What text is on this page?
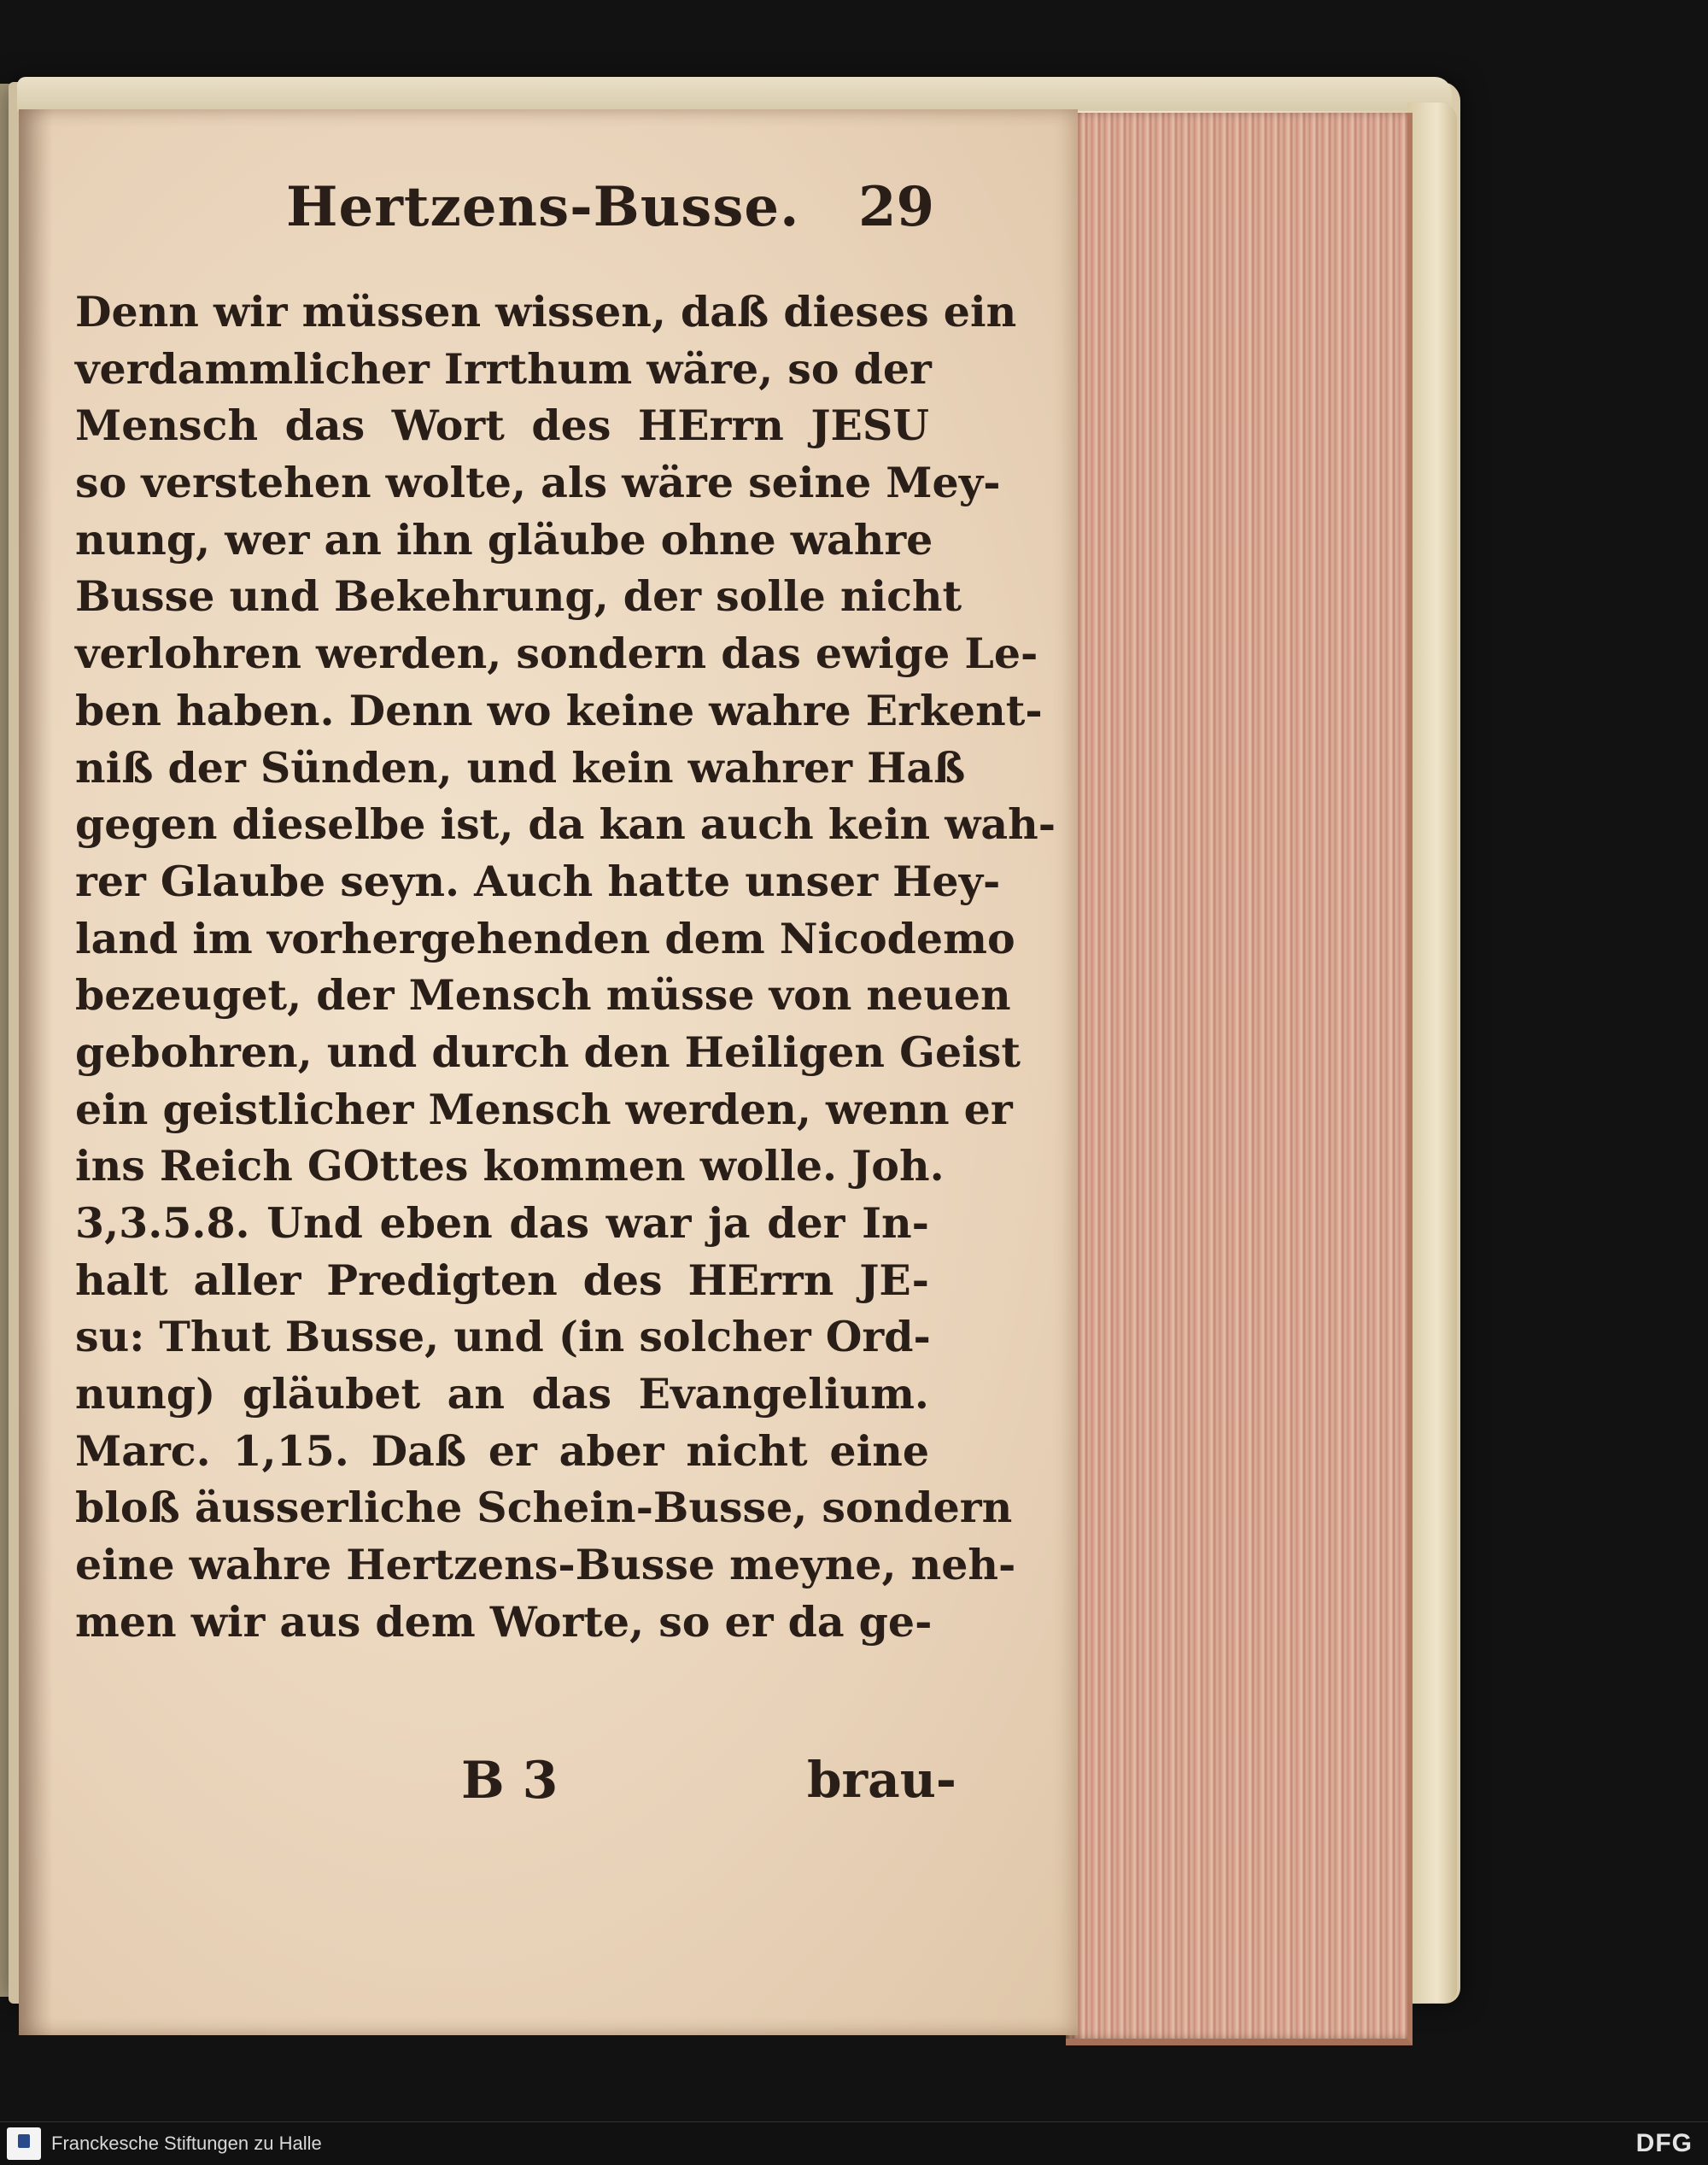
Hertzens-Busse. 29
Denn wir müssen wissen, daß dieses ein
verdammlicher Irrthum wäre, so der
Mensch das Wort des HErrn JESU
so verstehen wolte, als wäre seine Mey-
nung, wer an ihn gläube ohne wahre
Busse und Bekehrung, der solle nicht
verlohren werden, sondern das ewige Le-
ben haben. Denn wo keine wahre Erkent-
niß der Sünden, und kein wahrer Haß
gegen dieselbe ist, da kan auch kein wah-
rer Glaube seyn. Auch hatte unser Hey-
land im vorhergehenden dem Nicodemo
bezeuget, der Mensch müsse von neuen
gebohren, und durch den Heiligen Geist
ein geistlicher Mensch werden, wenn er
ins Reich GOttes kommen wolle. Joh.
3,3.5.8. Und eben das war ja der In-
halt aller Predigten des HErrn JE-
su: Thut Busse, und (in solcher Ord-
nung) gläubet an das Evangelium.
Marc. 1,15. Daß er aber nicht eine
bloß äusserliche Schein-Busse, sondern
eine wahre Hertzens-Busse meyne, neh-
men wir aus dem Worte, so er da ge-
B 3	brau-
Franckesche Stiftungen zu Halle	DFG
